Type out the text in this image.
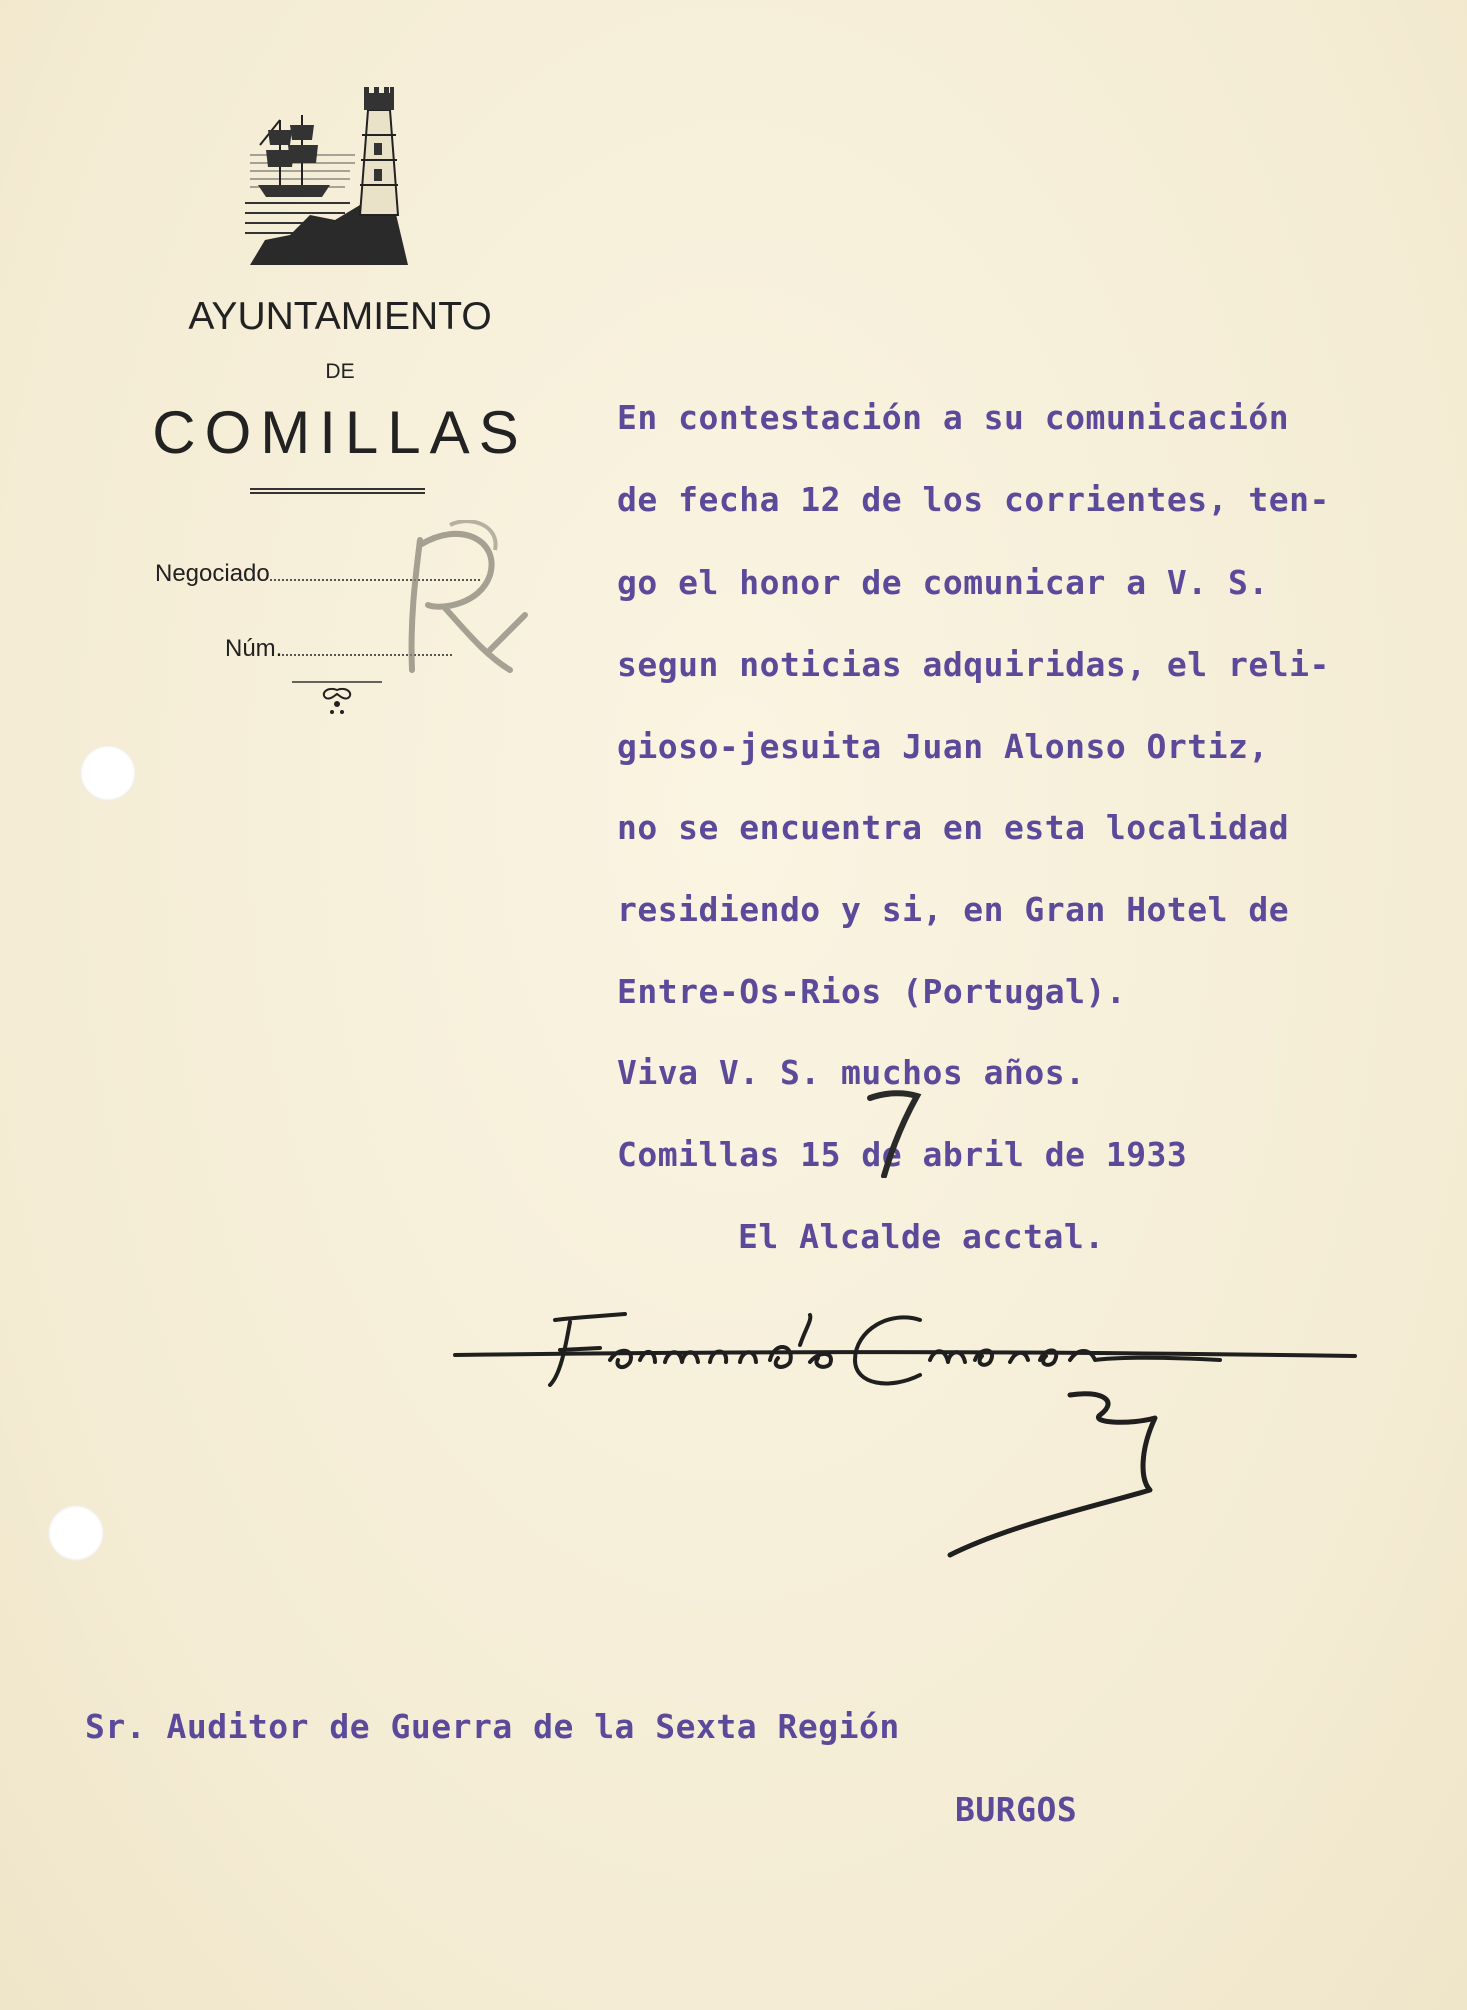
AYUNTAMIENTO
DE
COMILLAS
Negociado
Núm.
En contestación a su comunicación
de fecha 12 de los corrientes, ten-
go el honor de comunicar a V. S.
segun noticias adquiridas, el reli-
gioso-jesuita Juan Alonso Ortiz,
no se encuentra en esta localidad
residiendo y si, en Gran Hotel de
Entre-Os-Rios (Portugal).
Viva V. S. muchos años.
Comillas 15 de abril de 1933
El Alcalde acctal.
Sr. Auditor de Guerra de la Sexta Región
BURGOS
